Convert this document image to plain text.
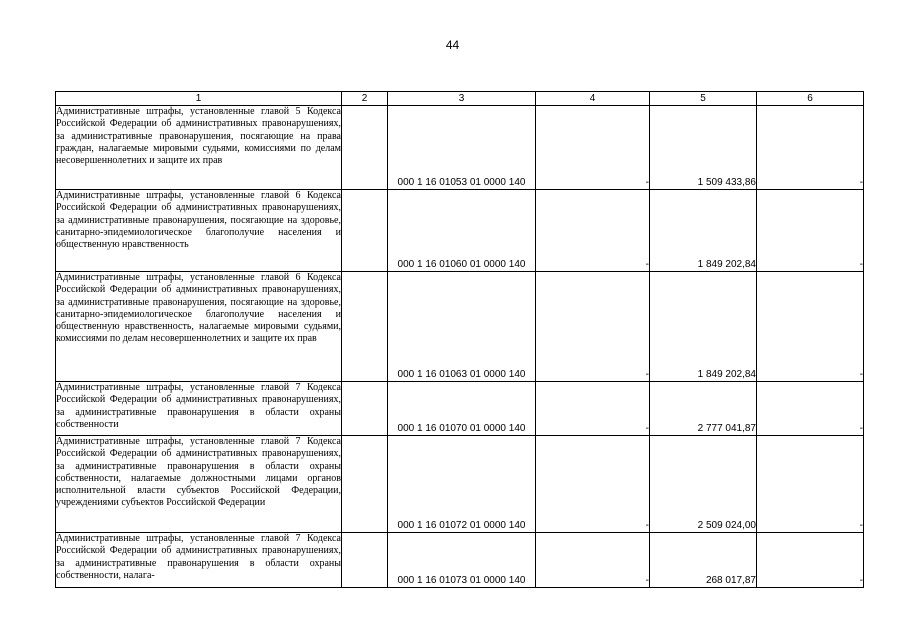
44
1	2	3	4	5	6
Административные штрафы, установленные главой 5 Кодекса Российской Федерации об административных правонарушениях, за административные правонарушения, посягающие на права граждан, налагаемые мировыми судьями, комиссиями по делам несовершеннолетних и защите их прав		000 1 16 01053 01 0000 140	-	1 509 433,86	-
Административные штрафы, установленные главой 6 Кодекса Российской Федерации об административных правонарушениях, за административные правонарушения, посягающие на здоровье, санитарно-эпидемиологическое благополучие населения и общественную нравственность		000 1 16 01060 01 0000 140	-	1 849 202,84	-
Административные штрафы, установленные главой 6 Кодекса Российской Федерации об административных правонарушениях, за административные правонарушения, посягающие на здоровье, санитарно-эпидемиологическое благополучие населения и общественную нравственность, налагаемые мировыми судьями, комиссиями по делам несовершеннолетних и защите их прав		000 1 16 01063 01 0000 140	-	1 849 202,84	-
Административные штрафы, установленные главой 7 Кодекса Российской Федерации об административных правонарушениях, за административные правонарушения в области охраны собственности		000 1 16 01070 01 0000 140	-	2 777 041,87	-
Административные штрафы, установленные главой 7 Кодекса Российской Федерации об административных правонарушениях, за административные правонарушения в области охраны собственности, налагаемые должностными лицами органов исполнительной власти субъектов Российской Федерации, учреждениями субъектов Российской Федерации		000 1 16 01072 01 0000 140	-	2 509 024,00	-
Административные штрафы, установленные главой 7 Кодекса Российской Федерации об административных правонарушениях, за административные правонарушения в области охраны собственности, налага-		000 1 16 01073 01 0000 140	-	268 017,87	-
